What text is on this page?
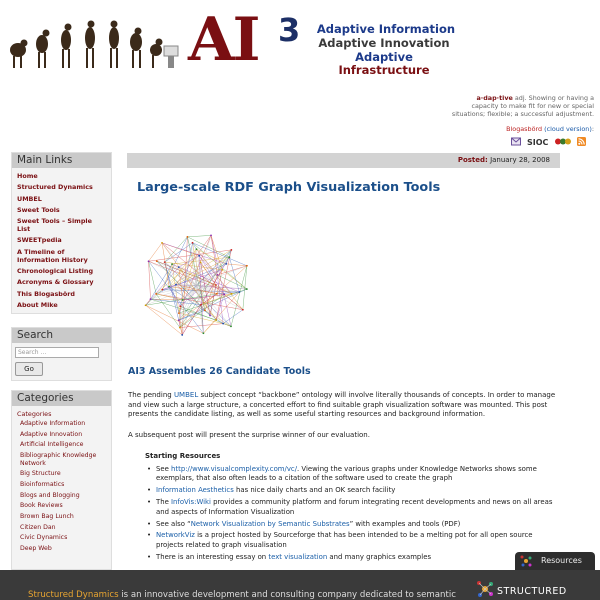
AI 3 Adaptive Information
Adaptive Innovation
Adaptive
Infrastructure
a·dap·tive adj. Showing or having a capacity to make fit for new or special situations; flexible; a successful adjustment.
Blogasbörd (cloud version):
SIOC
Main Links
Home
Structured Dynamics
UMBEL
Sweet Tools
Sweet Tools – Simple List
SWEETpedia
A Timeline of Information History
Chronological Listing
Acronyms & Glossary
This Blogasbörd
About Mike
Search
Search ...
Go
Categories
Categories
Adaptive Information
Adaptive Innovation
Artificial Intelligence
Bibliographic Knowledge Network
Big Structure
Bioinformatics
Blogs and Blogging
Book Reviews
Brown Bag Lunch
Citizen Dan
Civic Dynamics
Deep Web
Posted: January 28, 2008
Large-scale RDF Graph Visualization Tools
AI3 Assembles 26 Candidate Tools
The pending UMBEL subject concept “backbone” ontology will involve literally thousands of concepts. In order to manage and view such a large structure, a concerted effort to find suitable graph visualization software was mounted. This post presents the candidate listing, as well as some useful starting resources and background information.
A subsequent post will present the surprise winner of our evaluation.
Starting Resources
• See http://www.visualcomplexity.com/vc/. Viewing the various graphs under Knowledge Networks shows some exemplars, that also often leads to a citation of the software used to create the graph
• Information Aesthetics has nice daily charts and an OK search facility
• The InfoVis:Wiki provides a community platform and forum integrating recent developments and news on all areas and aspects of Information Visualization
• See also “Network Visualization by Semantic Substrates” with examples and tools (PDF)
• NetworkViz is a project hosted by Sourceforge that has been intended to be a melting pot for all open source projects related to graph visualisation
• There is an interesting essay on text visualization and many graphics examples	Resources
Structured Dynamics is an innovative development and consulting company dedicated to semantic	STRUCTURED
